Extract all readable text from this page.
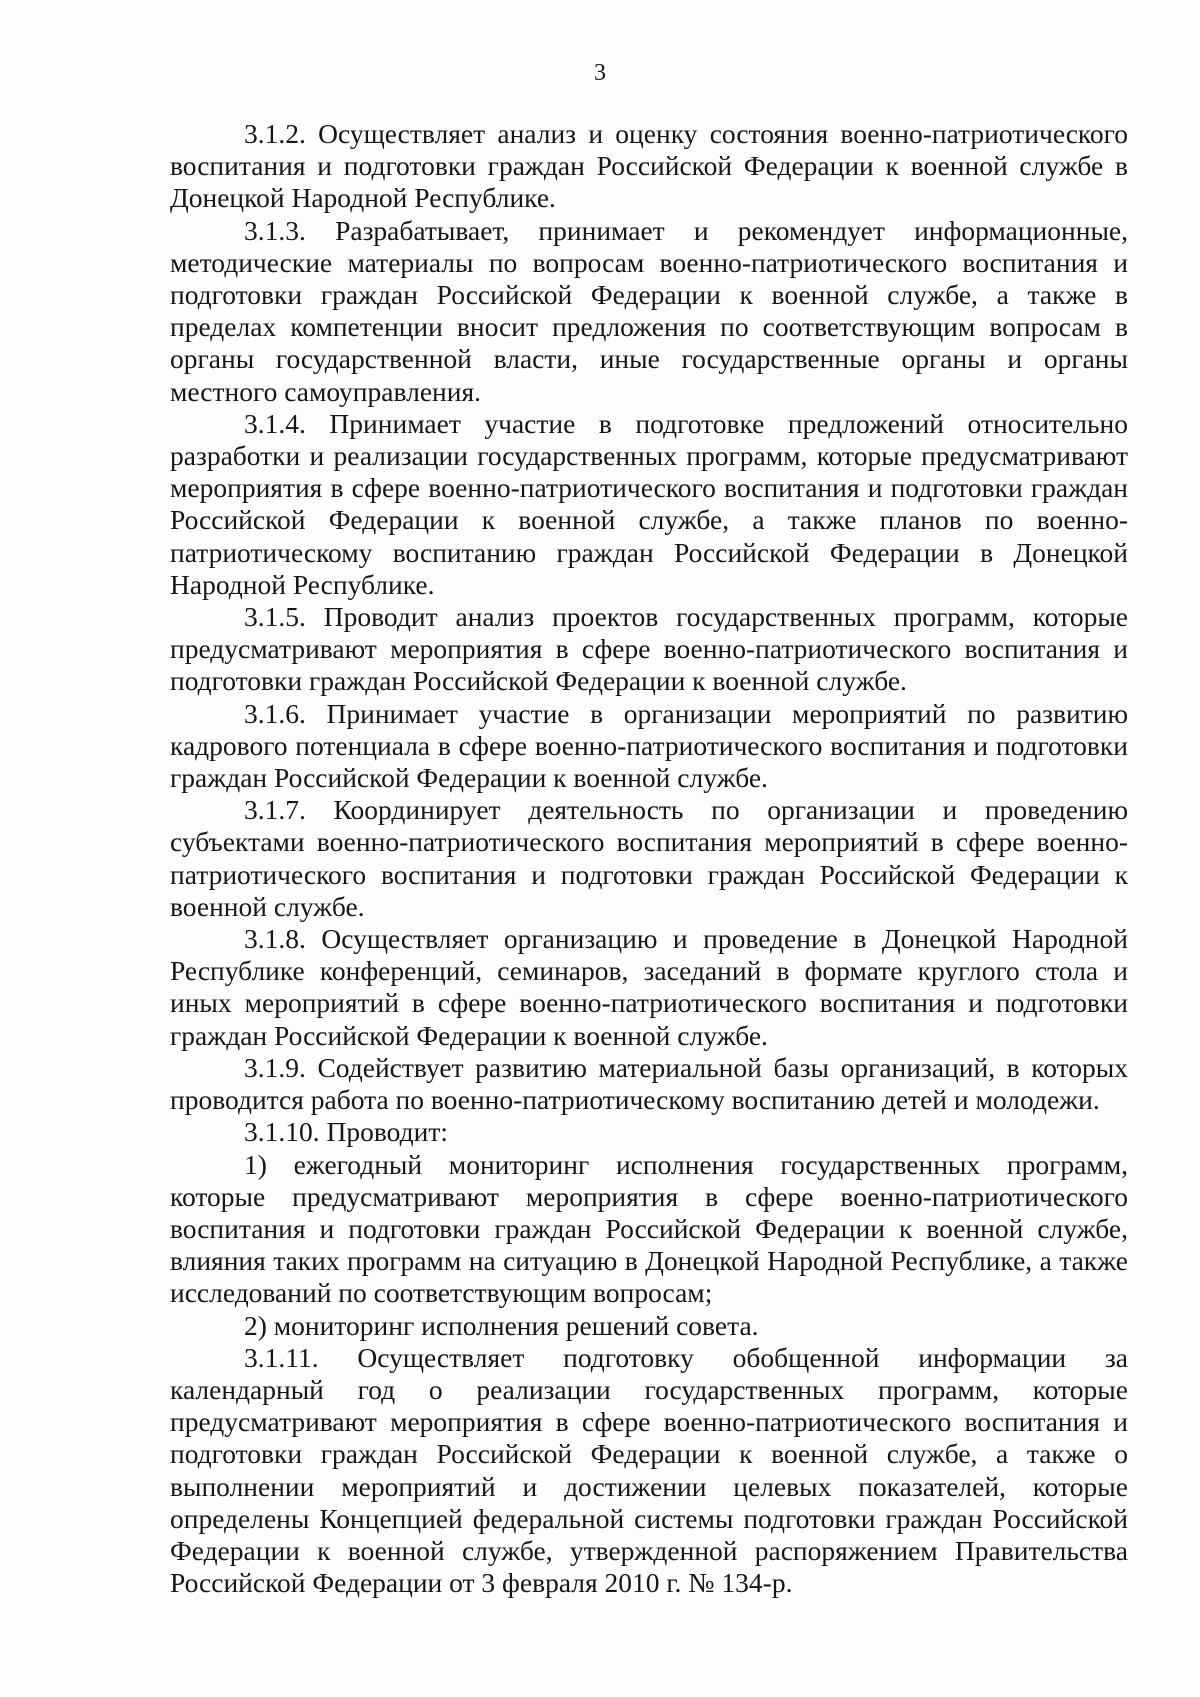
3

3.1.2. Осуществляет анализ и оценку состояния военно-патриотического воспитания и подготовки граждан Российской Федерации к военной службе в Донецкой Народной Республике.

3.1.3. Разрабатывает, принимает и рекомендует информационные, методические материалы по вопросам военно-патриотического воспитания и подготовки граждан Российской Федерации к военной службе, а также в пределах компетенции вносит предложения по соответствующим вопросам в органы государственной власти, иные государственные органы и органы местного самоуправления.

3.1.4. Принимает участие в подготовке предложений относительно разработки и реализации государственных программ, которые предусматривают мероприятия в сфере военно-патриотического воспитания и подготовки граждан Российской Федерации к военной службе, а также планов по военно-патриотическому воспитанию граждан Российской Федерации в Донецкой Народной Республике.

3.1.5. Проводит анализ проектов государственных программ, которые предусматривают мероприятия в сфере военно-патриотического воспитания и подготовки граждан Российской Федерации к военной службе.

3.1.6. Принимает участие в организации мероприятий по развитию кадрового потенциала в сфере военно-патриотического воспитания и подготовки граждан Российской Федерации к военной службе.

3.1.7. Координирует деятельность по организации и проведению субъектами военно-патриотического воспитания мероприятий в сфере военно-патриотического воспитания и подготовки граждан Российской Федерации к военной службе.

3.1.8. Осуществляет организацию и проведение в Донецкой Народной Республике конференций, семинаров, заседаний в формате круглого стола и иных мероприятий в сфере военно-патриотического воспитания и подготовки граждан Российской Федерации к военной службе.

3.1.9. Содействует развитию материальной базы организаций, в которых проводится работа по военно-патриотическому воспитанию детей и молодежи.

3.1.10. Проводит:

1) ежегодный мониторинг исполнения государственных программ, которые предусматривают мероприятия в сфере военно-патриотического воспитания и подготовки граждан Российской Федерации к военной службе, влияния таких программ на ситуацию в Донецкой Народной Республике, а также исследований по соответствующим вопросам;

2) мониторинг исполнения решений совета.

3.1.11. Осуществляет подготовку обобщенной информации за календарный год о реализации государственных программ, которые предусматривают мероприятия в сфере военно-патриотического воспитания и подготовки граждан Российской Федерации к военной службе, а также о выполнении мероприятий и достижении целевых показателей, которые определены Концепцией федеральной системы подготовки граждан Российской Федерации к военной службе, утвержденной распоряжением Правительства Российской Федерации от 3 февраля 2010 г. № 134-р.
